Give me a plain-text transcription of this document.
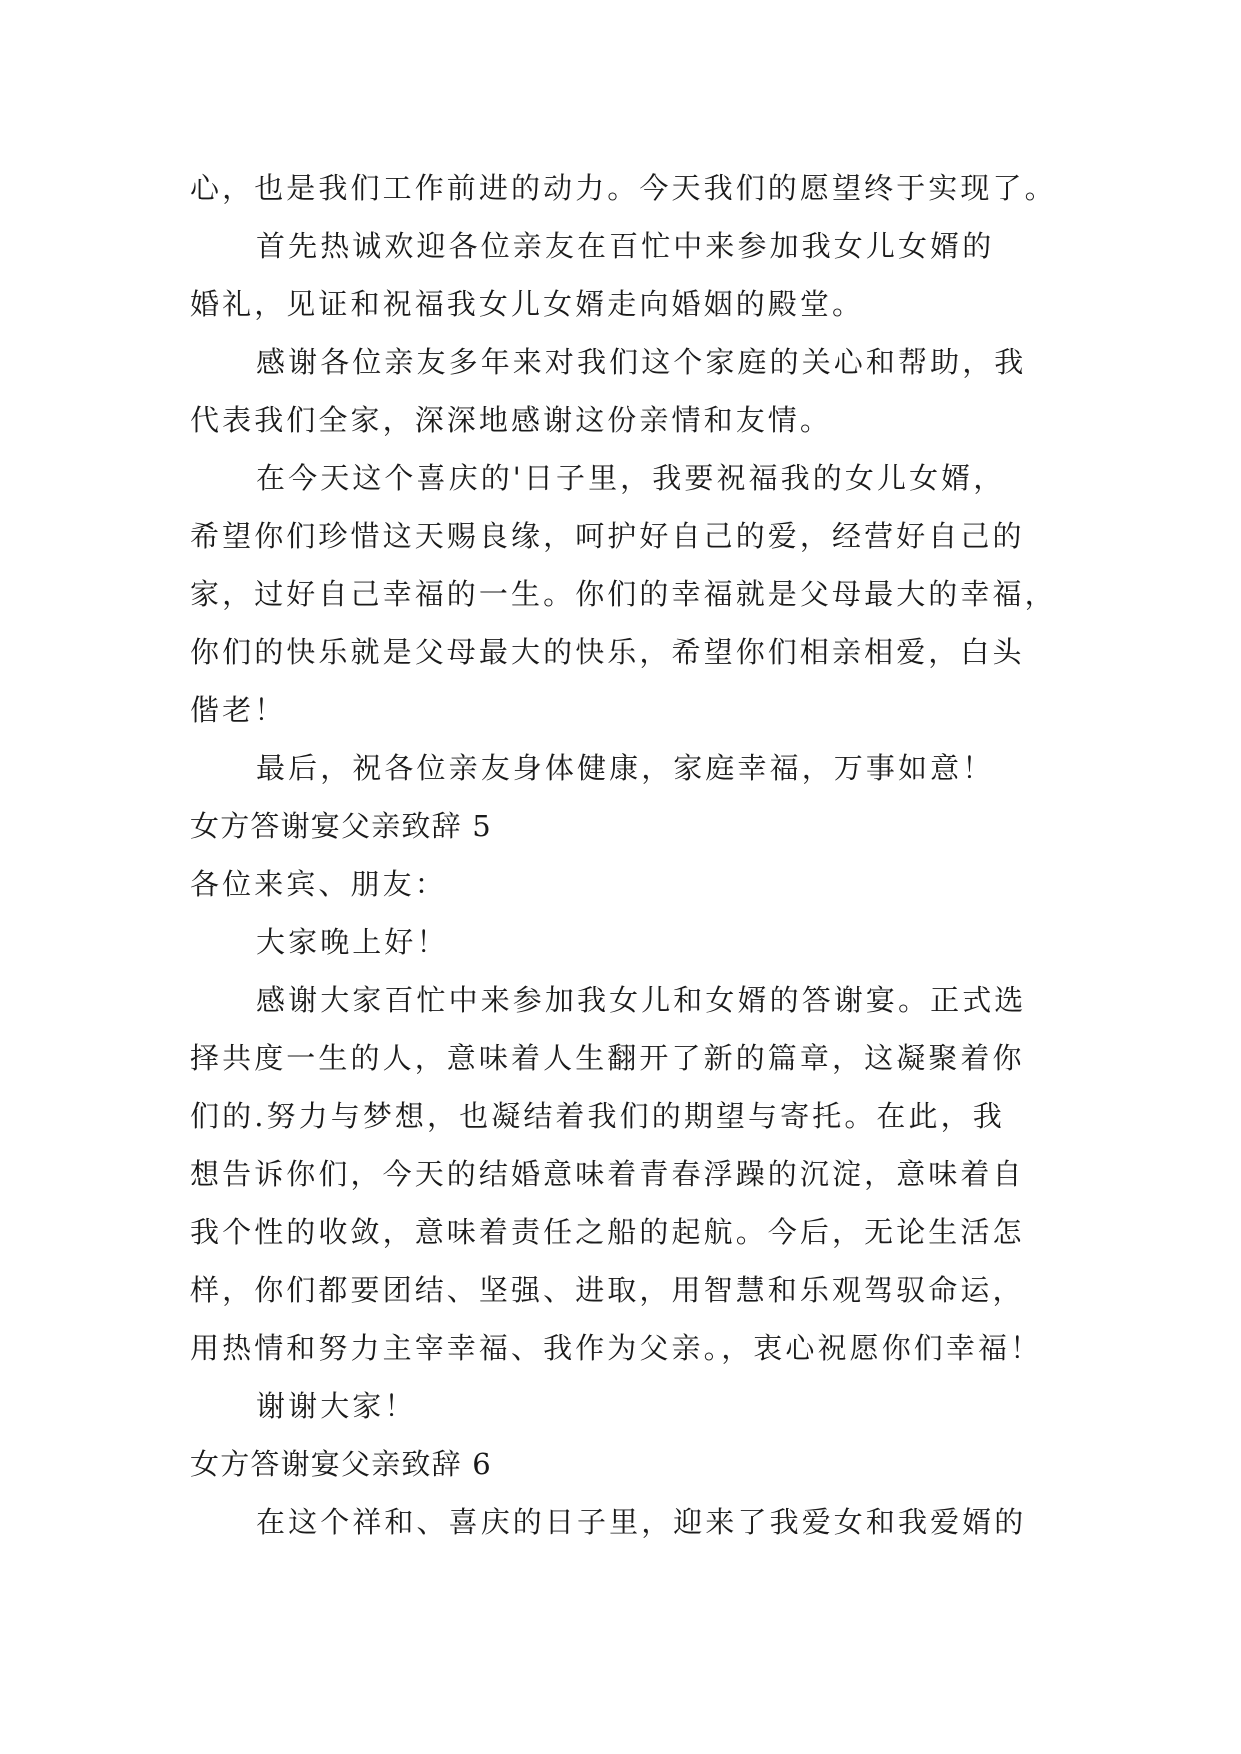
心，也是我们工作前进的动力。今天我们的愿望终于实现了。
首先热诚欢迎各位亲友在百忙中来参加我女儿女婿的
婚礼，见证和祝福我女儿女婿走向婚姻的殿堂。
感谢各位亲友多年来对我们这个家庭的关心和帮助，我
代表我们全家，深深地感谢这份亲情和友情。
在今天这个喜庆的'日子里，我要祝福我的女儿女婿，
希望你们珍惜这天赐良缘，呵护好自己的爱，经营好自己的
家，过好自己幸福的一生。你们的幸福就是父母最大的幸福，
你们的快乐就是父母最大的快乐，希望你们相亲相爱，白头
偕老！
最后，祝各位亲友身体健康，家庭幸福，万事如意！
女方答谢宴父亲致辞 5
各位来宾、朋友：
大家晚上好！
感谢大家百忙中来参加我女儿和女婿的答谢宴。正式选
择共度一生的人，意味着人生翻开了新的篇章，这凝聚着你
们的.努力与梦想，也凝结着我们的期望与寄托。在此，我
想告诉你们，今天的结婚意味着青春浮躁的沉淀，意味着自
我个性的收敛，意味着责任之船的起航。今后，无论生活怎
样，你们都要团结、坚强、进取，用智慧和乐观驾驭命运，
用热情和努力主宰幸福、我作为父亲。，衷心祝愿你们幸福！
谢谢大家！
女方答谢宴父亲致辞 6
在这个祥和、喜庆的日子里，迎来了我爱女和我爱婿的
